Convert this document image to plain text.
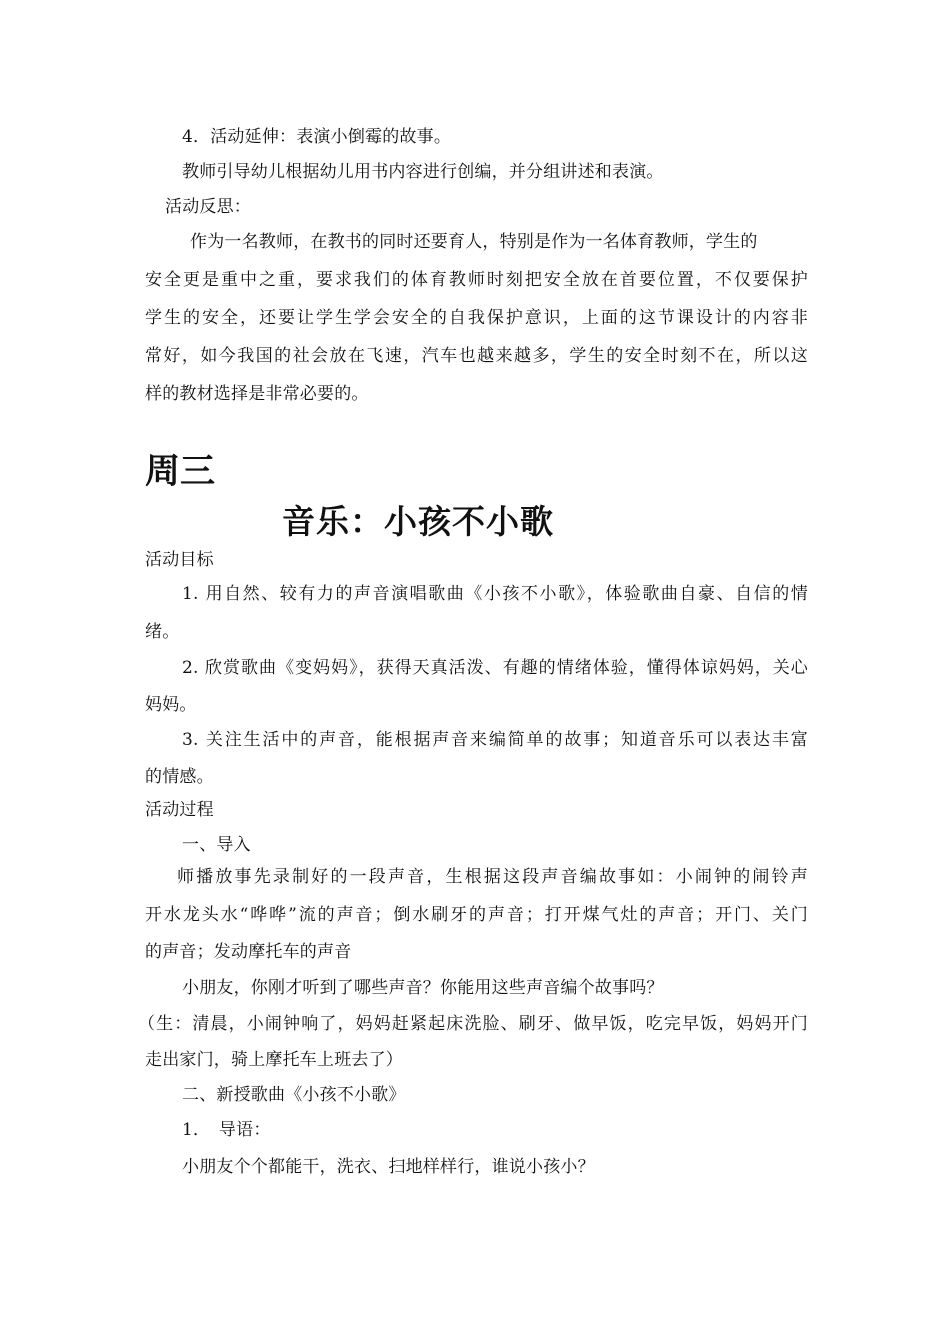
4．活动延伸：表演小倒霉的故事。
教师引导幼儿根据幼儿用书内容进行创编，并分组讲述和表演。
活动反思：
作为一名教师，在教书的同时还要育人，特别是作为一名体育教师，学生的
安全更是重中之重，要求我们的体育教师时刻把安全放在首要位置，不仅要保护
学生的安全，还要让学生学会安全的自我保护意识，上面的这节课设计的内容非
常好，如今我国的社会放在飞速，汽车也越来越多，学生的安全时刻不在，所以这
样的教材选择是非常必要的。
周三
音乐：小孩不小歌
活动目标
1. 用自然、较有力的声音演唱歌曲《小孩不小歌》，体验歌曲自豪、自信的情
绪。
2. 欣赏歌曲《变妈妈》，获得天真活泼、有趣的情绪体验，懂得体谅妈妈，关心
妈妈。
3. 关注生活中的声音，能根据声音来编简单的故事；知道音乐可以表达丰富
的情感。
活动过程
一、导入
师播放事先录制好的一段声音，生根据这段声音编故事如：小闹钟的闹铃声
开水龙头水“哗哗”流的声音；倒水刷牙的声音；打开煤气灶的声音；开门、关门
的声音；发动摩托车的声音
小朋友，你刚才听到了哪些声音？你能用这些声音编个故事吗？
（生：清晨，小闹钟响了，妈妈赶紧起床洗脸、刷牙、做早饭，吃完早饭，妈妈开门
走出家门，骑上摩托车上班去了）
二、新授歌曲《小孩不小歌》
1．　导语：
小朋友个个都能干，洗衣、扫地样样行，谁说小孩小？
